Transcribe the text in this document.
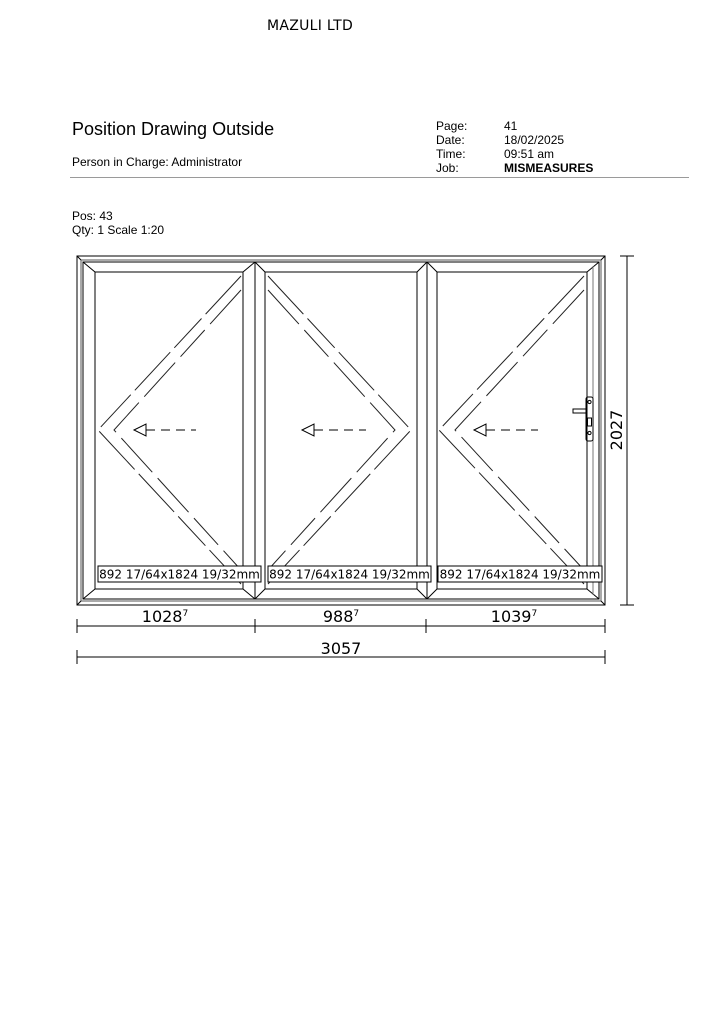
MAZULI LTD
Position Drawing Outside
Person in Charge: Administrator
Page:	41
Date:	18/02/2025
Time:	09:51 am
Job:	MISMEASURES
Pos: 43
Qty: 1 Scale 1:20
892 17/64x1824 19/32mm 892 17/64x1824 19/32mm 892 17/64x1824 19/32mm
1028$^7$	$988^7$	1039$^7$
3057
2027
